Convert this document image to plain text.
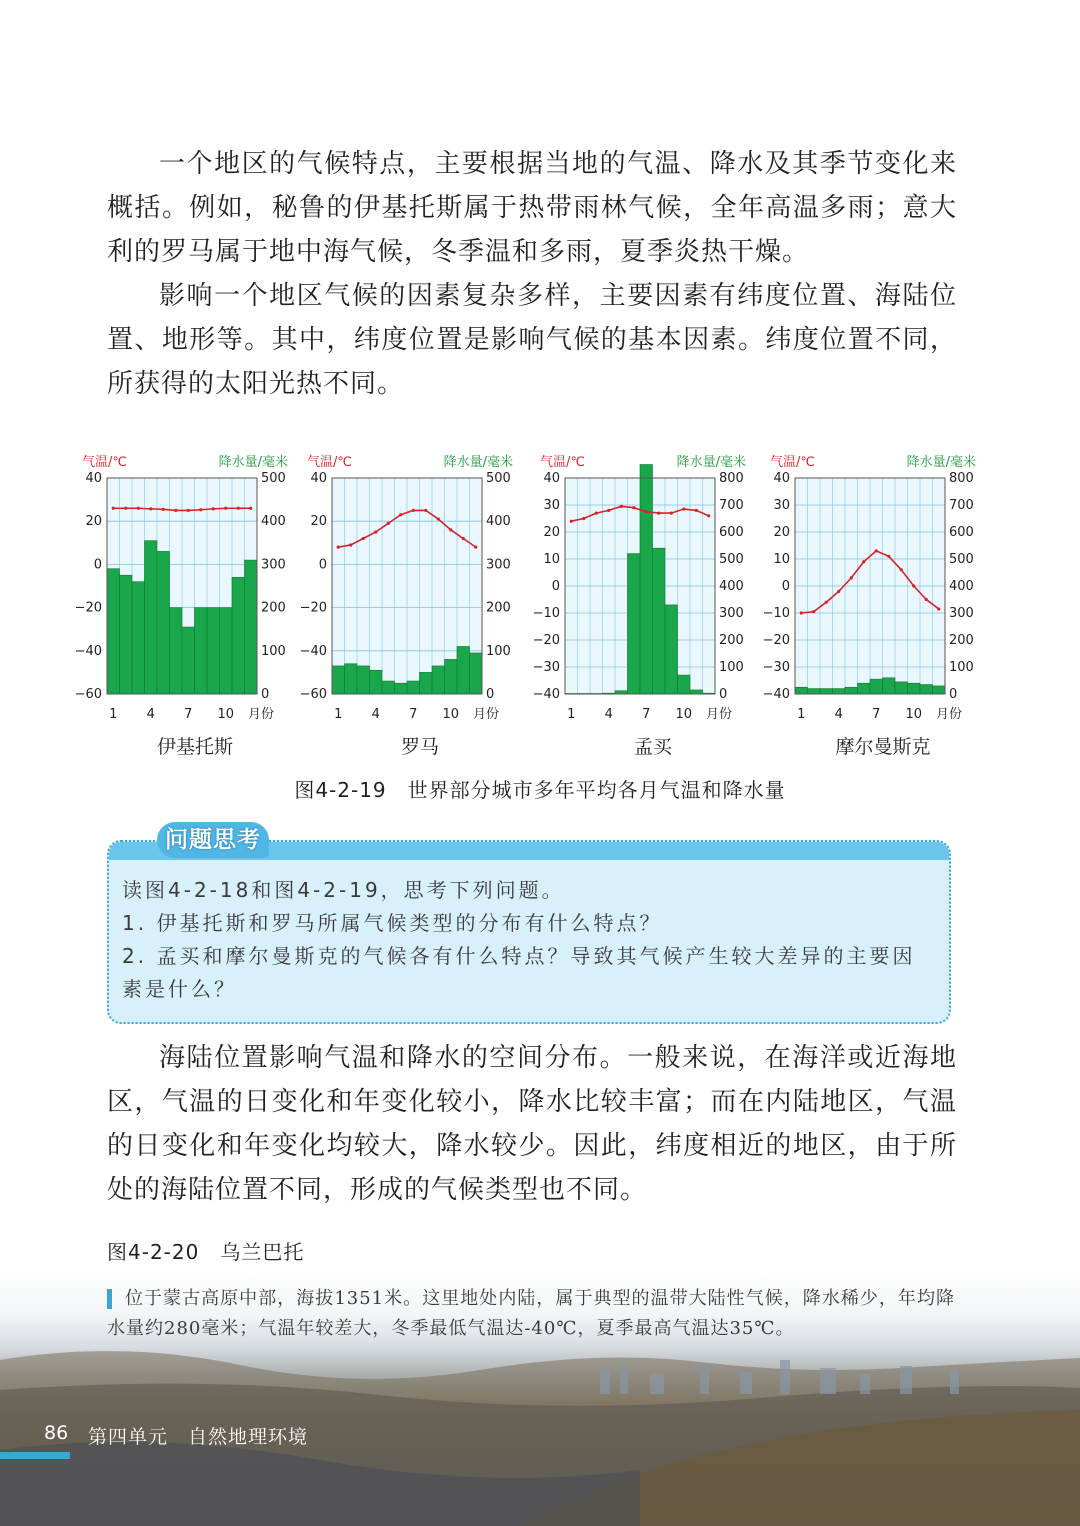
一个地区的气候特点，主要根据当地的气温、降水及其季节变化来概括。例如，秘鲁的伊基托斯属于热带雨林气候，全年高温多雨；意大利的罗马属于地中海气候，冬季温和多雨，夏季炎热干燥。

影响一个地区气候的因素复杂多样，主要因素有纬度位置、海陆位置、地形等。其中，纬度位置是影响气候的基本因素。纬度位置不同，所获得的太阳光热不同。

40
20
0
−20
−40
−60
500
400
300
200
100
0
气温/℃	降水量/毫米
1 4 7 10 月份
伊基托斯
40
20
0
−20
−40
−60
500
400
300
200
100
0
气温/℃	降水量/毫米
1 4 7 10 月份
罗马
40
30
20
10
0
−10
−20
−30
−40
800
700
600
500
400
300
200
100
0
气温/℃	降水量/毫米
1 4 7 10 月份
孟买
40
30
20
10
0
−10
−20
−30
−40
800
700
600
500
400
300
200
100
0
气温/℃	降水量/毫米
1 4 7 10 月份
摩尔曼斯克
图4-2-19　世界部分城市多年平均各月气温和降水量
问题思考

读图4-2-18和图4-2-19，思考下列问题。

1. 伊基托斯和罗马所属气候类型的分布有什么特点？

2. 孟买和摩尔曼斯克的气候各有什么特点？导致其气候产生较大差异的主要因素是什么？

海陆位置影响气温和降水的空间分布。一般来说，在海洋或近海地区，气温的日变化和年变化较小，降水比较丰富；而在内陆地区，气温的日变化和年变化均较大，降水较少。因此，纬度相近的地区，由于所处的海陆位置不同，形成的气候类型也不同。

图4-2-20　乌兰巴托

位于蒙古高原中部，海拔1351米。这里地处内陆，属于典型的温带大陆性气候，降水稀少，年均降水量约280毫米；气温年较差大，冬季最低气温达-40℃，夏季最高气温达35℃。

86 第四单元　自然地理环境
